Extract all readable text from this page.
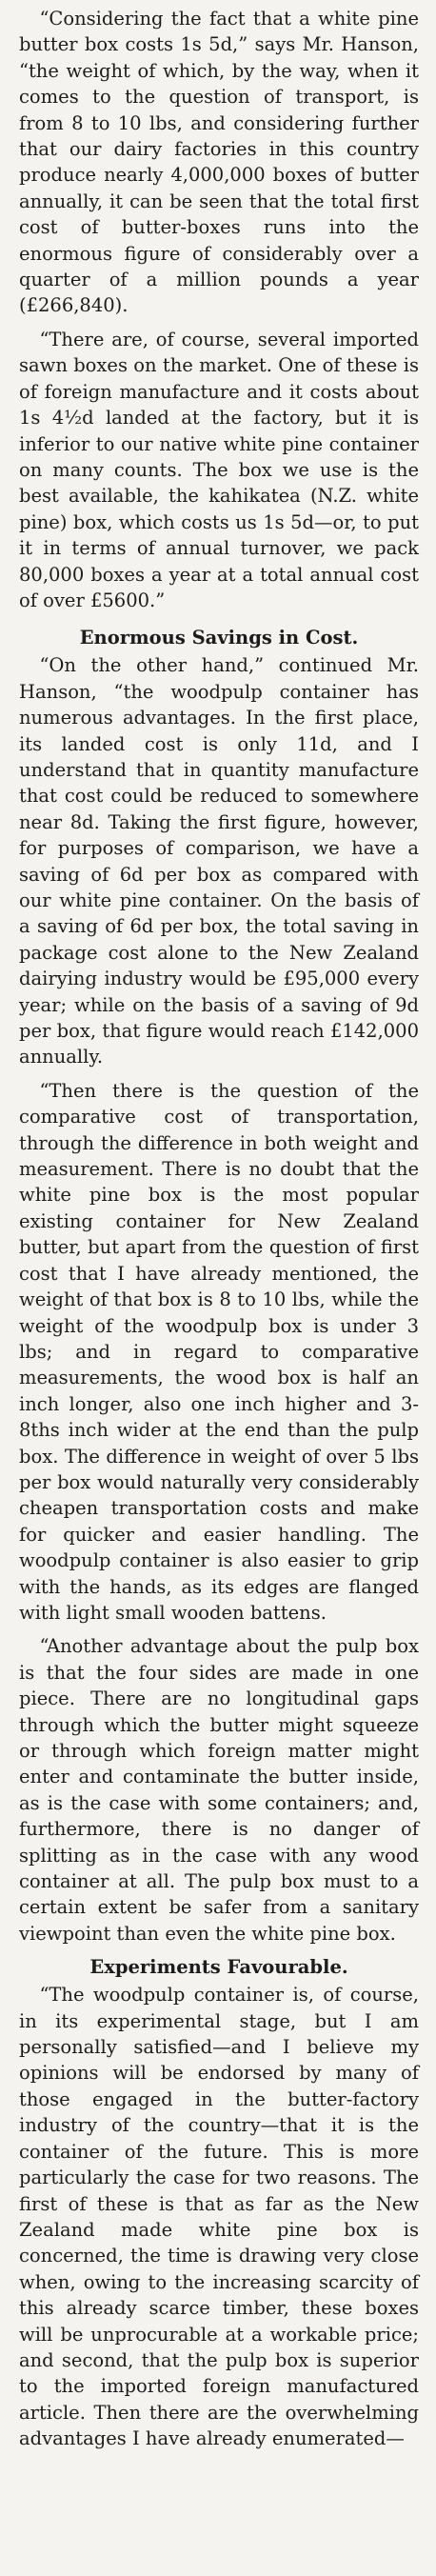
“Considering the fact that a white pine butter box costs 1s 5d,” says Mr. Hanson, “the weight of which, by the way, when it comes to the question of transport, is from 8 to 10 lbs, and considering further that our dairy factories in this country produce nearly 4,000,000 boxes of butter annually, it can be seen that the total first cost of butter-boxes runs into the enormous figure of considerably over a quarter of a million pounds a year (£266,840).

“There are, of course, several imported sawn boxes on the market. One of these is of foreign manufacture and it costs about 1s 4½d landed at the factory, but it is inferior to our native white pine container on many counts. The box we use is the best available, the kahikatea (N.Z. white pine) box, which costs us 1s 5d—or, to put it in terms of annual turnover, we pack 80,000 boxes a year at a total annual cost of over £5600.”

Enormous Savings in Cost.

“On the other hand,” continued Mr. Hanson, “the woodpulp container has numerous advantages. In the first place, its landed cost is only 11d, and I understand that in quantity manufacture that cost could be reduced to somewhere near 8d. Taking the first figure, however, for purposes of comparison, we have a saving of 6d per box as compared with our white pine container. On the basis of a saving of 6d per box, the total saving in package cost alone to the New Zealand dairying industry would be £95,000 every year; while on the basis of a saving of 9d per box, that figure would reach £142,000 annually.

“Then there is the question of the comparative cost of transportation, through the difference in both weight and measurement. There is no doubt that the white pine box is the most popular existing container for New Zealand butter, but apart from the question of first cost that I have already mentioned, the weight of that box is 8 to 10 lbs, while the weight of the woodpulp box is under 3 lbs; and in regard to comparative measurements, the wood box is half an inch longer, also one inch higher and 3-8ths inch wider at the end than the pulp box. The difference in weight of over 5 lbs per box would naturally very considerably cheapen transportation costs and make for quicker and easier handling. The woodpulp container is also easier to grip with the hands, as its edges are flanged with light small wooden battens.

“Another advantage about the pulp box is that the four sides are made in one piece. There are no longitudinal gaps through which the butter might squeeze or through which foreign matter might enter and contaminate the butter inside, as is the case with some containers; and, furthermore, there is no danger of splitting as in the case with any wood container at all. The pulp box must to a certain extent be safer from a sanitary viewpoint than even the white pine box.

Experiments Favourable.

“The woodpulp container is, of course, in its experimental stage, but I am personally satisfied—and I believe my opinions will be endorsed by many of those engaged in the butter-factory industry of the country—that it is the container of the future. This is more particularly the case for two reasons. The first of these is that as far as the New Zealand made white pine box is concerned, the time is drawing very close when, owing to the increasing scarcity of this already scarce timber, these boxes will be unprocurable at a workable price; and second, that the pulp box is superior to the imported foreign manufactured article. Then there are the overwhelming advantages I have already enumerated—
